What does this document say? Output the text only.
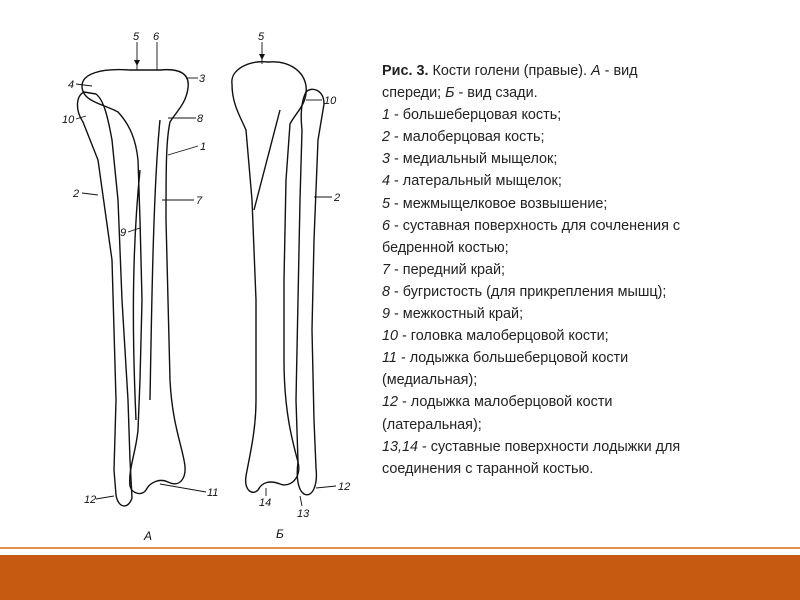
4
5 6
3
10	8
1
2
7
9
11
12
5
10
2
14
13
12
А	Б
Рис. 3. Кости голени (правые). А - вид
спереди; Б - вид сзади.
1 - большеберцовая кость;
2 - малоберцовая кость;
3 - медиальный мыщелок;
4 - латеральный мыщелок;
5 - межмыщелковое возвышение;
6 - суставная поверхность для сочленения с
бедренной костью;
7 - передний край;
8 - бугристость (для прикрепления мышц);
9 - межкостный край;
10 - головка малоберцовой кости;
11 - лодыжка большеберцовой кости
(медиальная);
12 - лодыжка малоберцовой кости
(латеральная);
13,14 - суставные поверхности лодыжки для
соединения с таранной костью.
